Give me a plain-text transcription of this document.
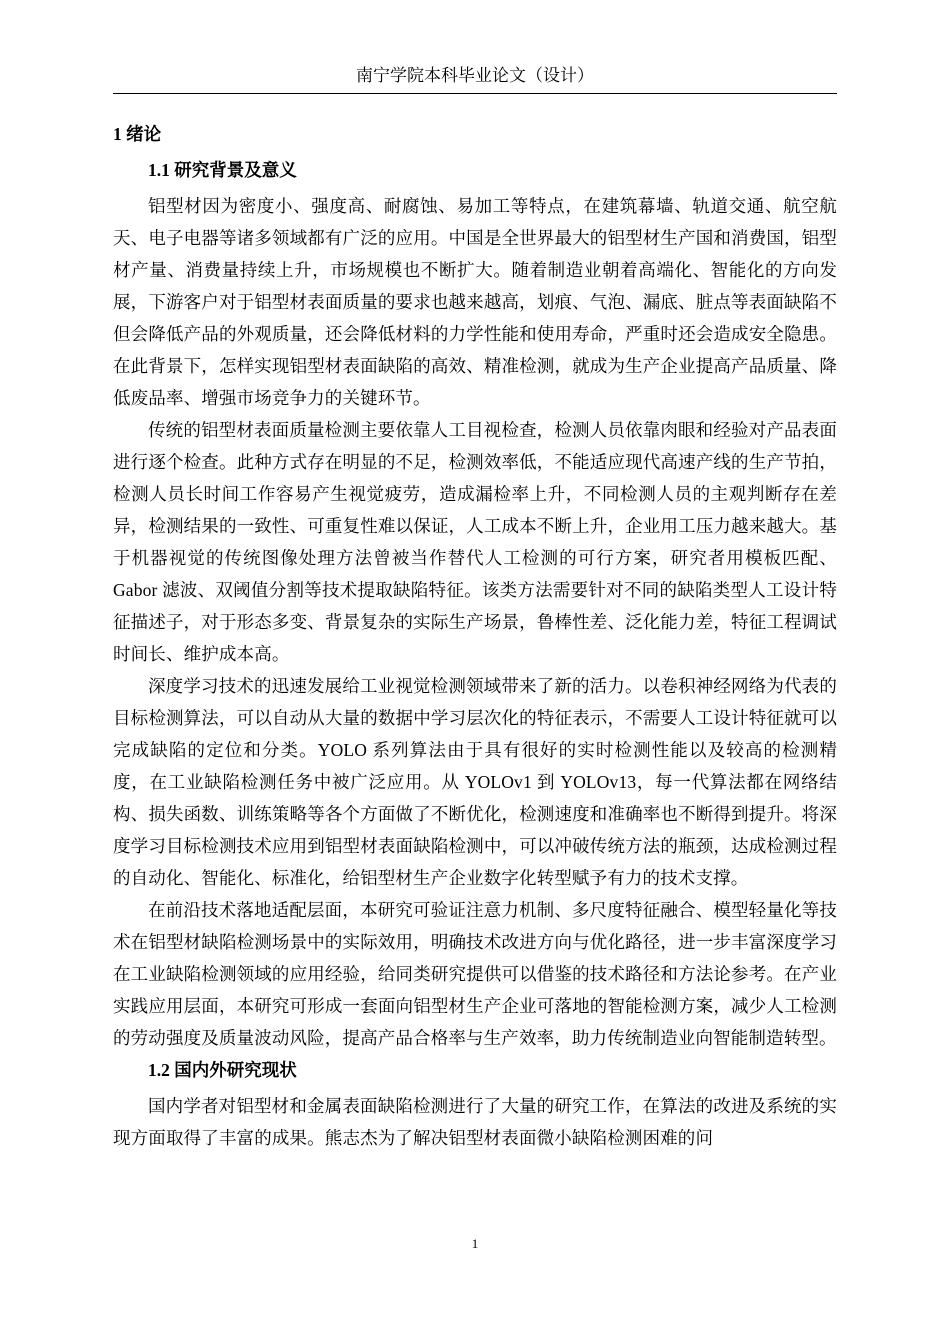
南宁学院本科毕业论文（设计）
1 绪论
1.1 研究背景及意义

铝型材因为密度小、强度高、耐腐蚀、易加工等特点，在建筑幕墙、轨道交通、航空航天、电子电器等诸多领域都有广泛的应用。中国是全世界最大的铝型材生产国和消费国，铝型材产量、消费量持续上升，市场规模也不断扩大。随着制造业朝着高端化、智能化的方向发展，下游客户对于铝型材表面质量的要求也越来越高，划痕、气泡、漏底、脏点等表面缺陷不但会降低产品的外观质量，还会降低材料的力学性能和使用寿命，严重时还会造成安全隐患。在此背景下，怎样实现铝型材表面缺陷的高效、精准检测，就成为生产企业提高产品质量、降低废品率、增强市场竞争力的关键环节。

传统的铝型材表面质量检测主要依靠人工目视检查，检测人员依靠肉眼和经验对产品表面进行逐个检查。此种方式存在明显的不足，检测效率低，不能适应现代高速产线的生产节拍，检测人员长时间工作容易产生视觉疲劳，造成漏检率上升，不同检测人员的主观判断存在差异，检测结果的一致性、可重复性难以保证，人工成本不断上升，企业用工压力越来越大。基于机器视觉的传统图像处理方法曾被当作替代人工检测的可行方案，研究者用模板匹配、Gabor 滤波、双阈值分割等技术提取缺陷特征。该类方法需要针对不同的缺陷类型人工设计特征描述子，对于形态多变、背景复杂的实际生产场景，鲁棒性差、泛化能力差，特征工程调试时间长、维护成本高。

深度学习技术的迅速发展给工业视觉检测领域带来了新的活力。以卷积神经网络为代表的目标检测算法，可以自动从大量的数据中学习层次化的特征表示，不需要人工设计特征就可以完成缺陷的定位和分类。YOLO 系列算法由于具有很好的实时检测性能以及较高的检测精度，在工业缺陷检测任务中被广泛应用。从 YOLOv1 到 YOLOv13，每一代算法都在网络结构、损失函数、训练策略等各个方面做了不断优化，检测速度和准确率也不断得到提升。将深度学习目标检测技术应用到铝型材表面缺陷检测中，可以冲破传统方法的瓶颈，达成检测过程的自动化、智能化、标准化，给铝型材生产企业数字化转型赋予有力的技术支撑。

在前沿技术落地适配层面，本研究可验证注意力机制、多尺度特征融合、模型轻量化等技术在铝型材缺陷检测场景中的实际效用，明确技术改进方向与优化路径，进一步丰富深度学习在工业缺陷检测领域的应用经验，给同类研究提供可以借鉴的技术路径和方法论参考。在产业实践应用层面，本研究可形成一套面向铝型材生产企业可落地的智能检测方案，减少人工检测的劳动强度及质量波动风险，提高产品合格率与生产效率，助力传统制造业向智能制造转型。

1.2 国内外研究现状

国内学者对铝型材和金属表面缺陷检测进行了大量的研究工作，在算法的改进及系统的实现方面取得了丰富的成果。熊志杰为了解决铝型材表面微小缺陷检测困难的问

1
